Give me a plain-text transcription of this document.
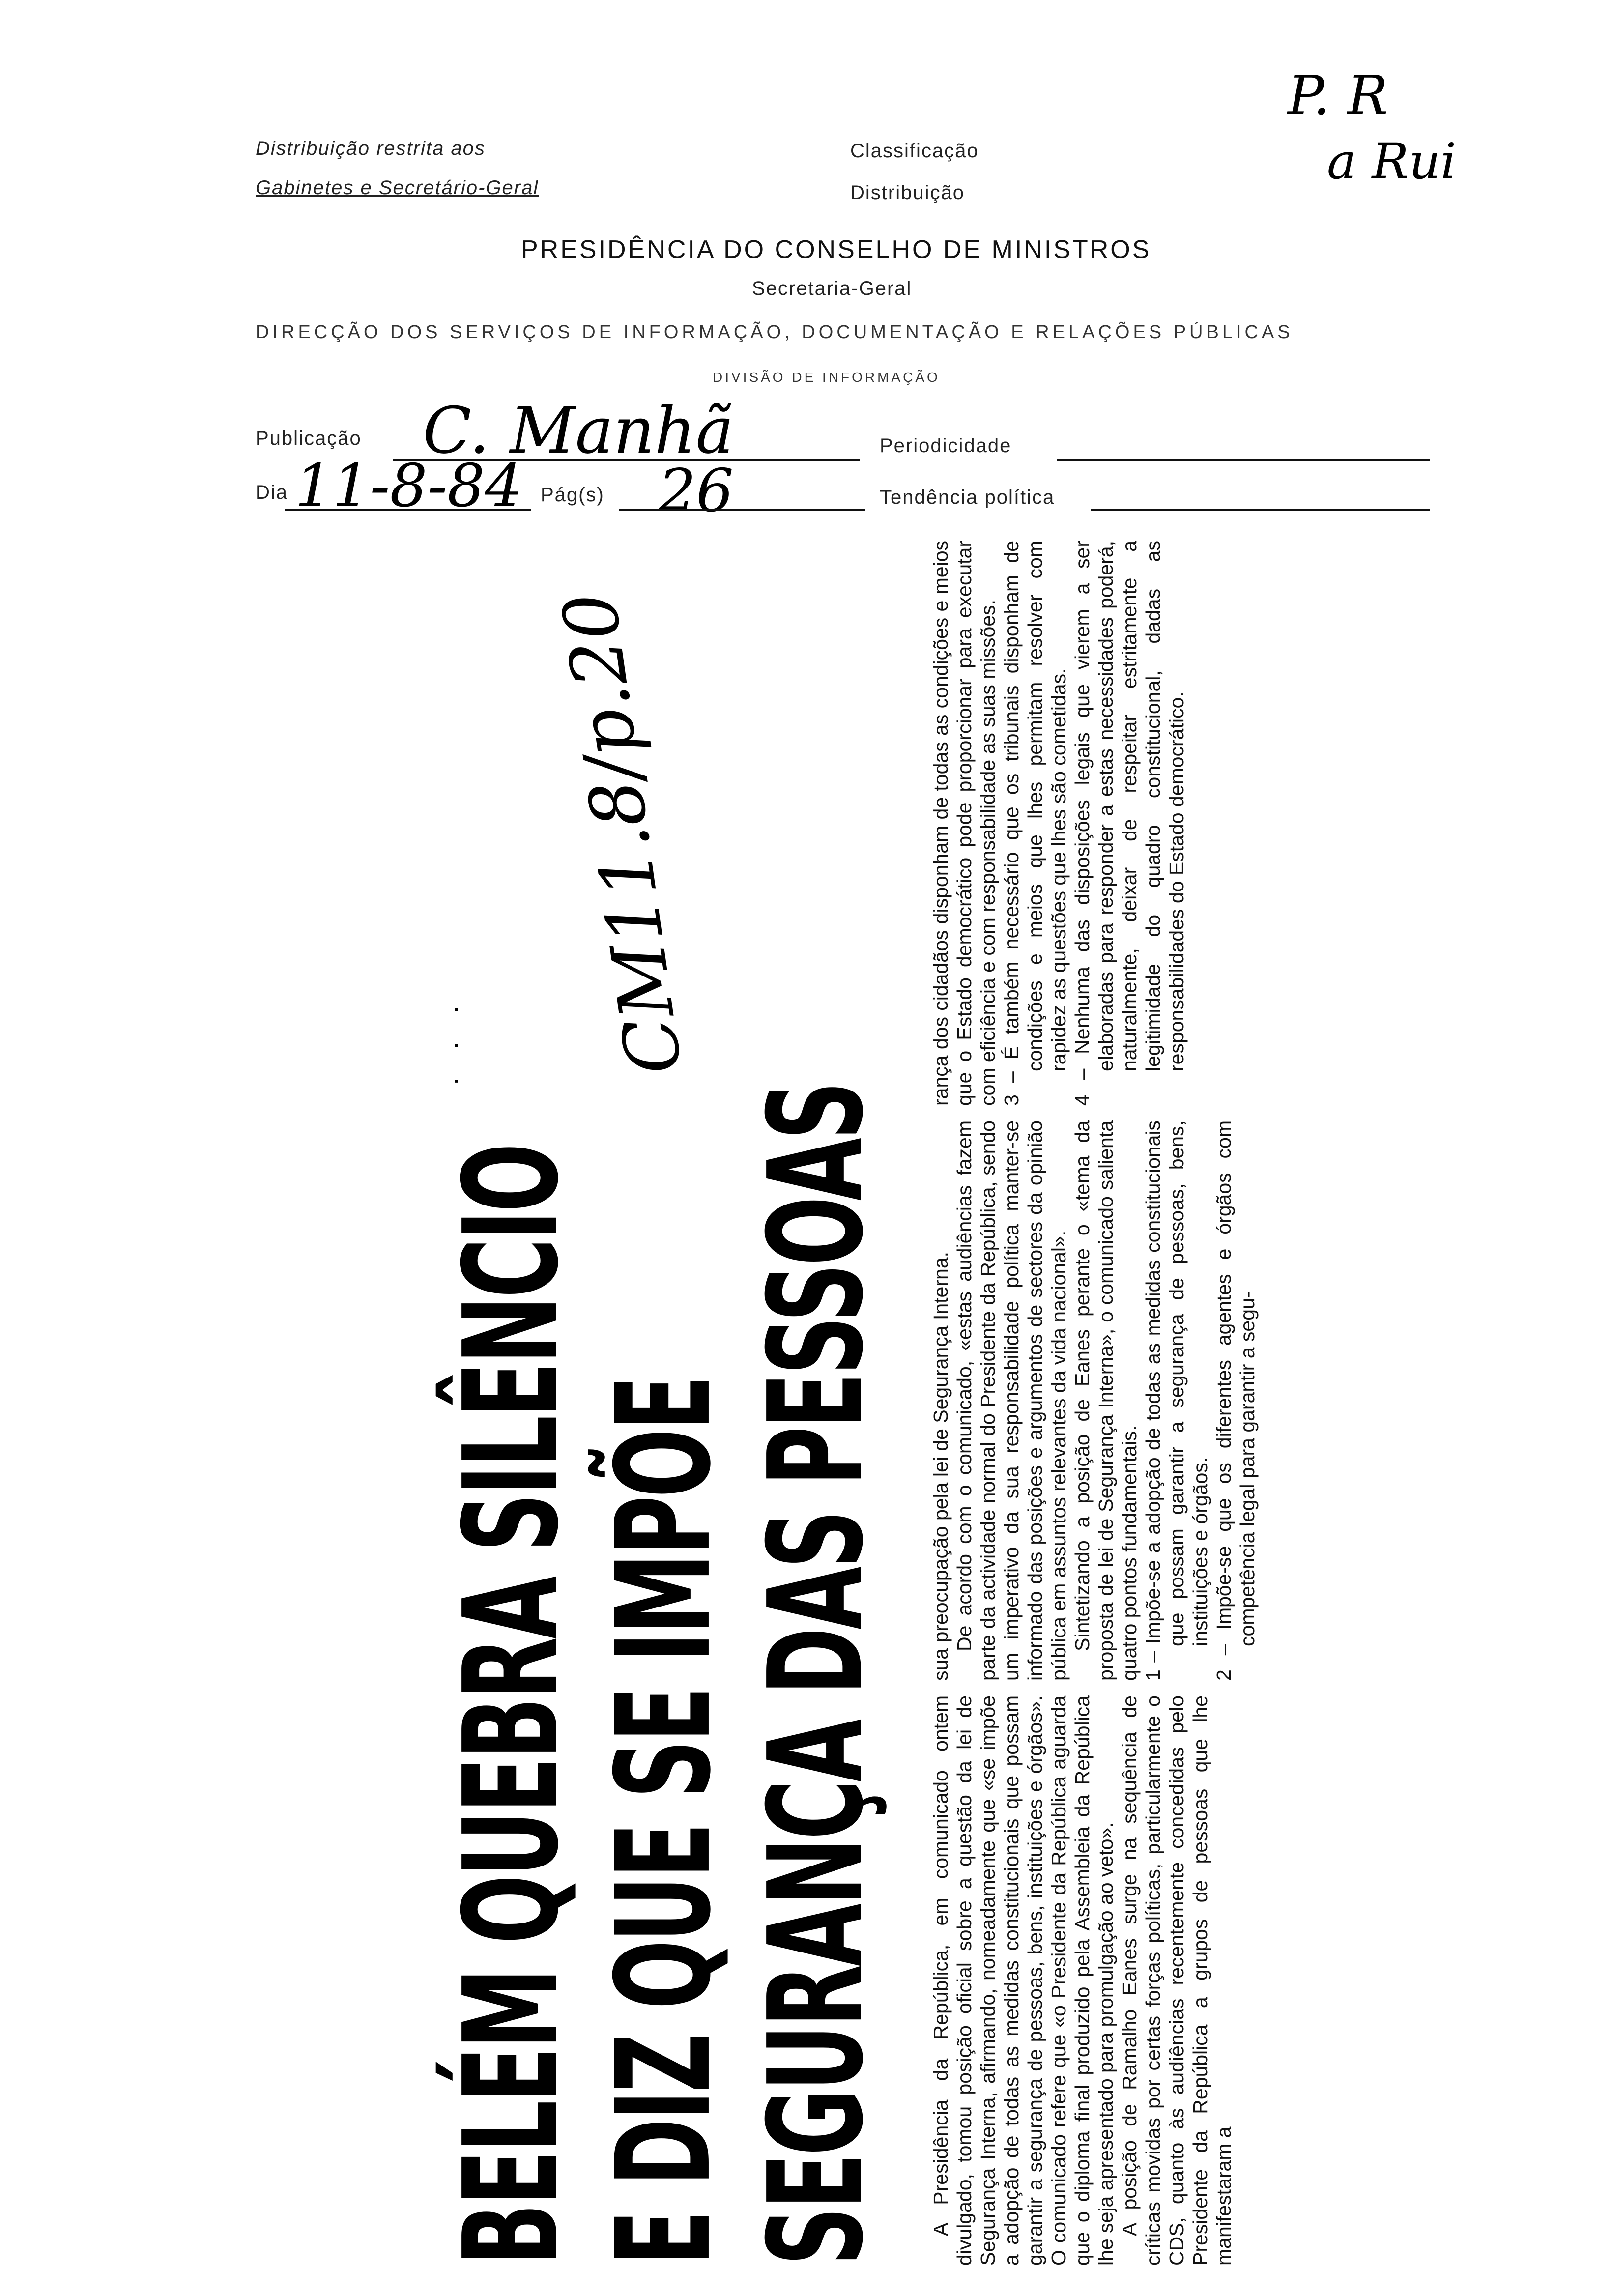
Distribuição restrita aos
Gabinetes e Secretário-Geral
Classificação
Distribuição
P. R
a Rui
PRESIDÊNCIA DO CONSELHO DE MINISTROS
Secretaria-Geral
DIRECÇÃO DOS SERVIÇOS DE INFORMAÇÃO, DOCUMENTAÇÃO E RELAÇÕES PÚBLICAS
DIVISÃO DE INFORMAÇÃO
Publicação C. Manhã	Periodicidade
Dia 11-8-84 Pág(s) 26	Tendência política
BELÉM QUEBRA SILÊNCIO E DIZ QUE SE IMPÕE SEGURANÇA DAS PESSOAS
· · · CM11.8/p.20

A Presidência da República, em comunicado ontem divulgado, tomou posição oficial sobre a questão da lei de Segurança Interna, afirmando, nomeadamente que «se impõe a adopção de todas as medidas constitucionais que possam garantir a segurança de pessoas, bens, instituições e órgãos». O comunicado refere que «o Presidente da República aguarda que o diploma final produzido pela Assembleia da República lhe seja apresentado para promulgação ao veto». A posição de Ramalho Eanes surge na sequência de críticas movidas por certas forças políticas, particularmente o CDS, quanto às audiências recentemente concedidas pelo Presidente da República a grupos de pessoas que lhe manifestaram a

sua preocupação pela lei de Segurança Interna. De acordo com o comunicado, «estas audiências fazem parte da actividade normal do Presidente da República, sendo um imperativo da sua responsabilidade política manter-se informado das posições e argumentos de sectores da opinião pública em assuntos relevantes da vida nacional». Sintetizando a posição de Eanes perante o «tema da proposta de lei de Segurança Interna», o comunicado salienta quatro pontos fundamentais. 1 – Impõe-se a adopção de todas as medidas constitucionais que possam garantir a segurança de pessoas, bens, instituições e órgãos. 2 – Impõe-se que os diferentes agentes e órgãos com competência legal para garantir a segu-

rança dos cidadãos disponham de todas as condições e meios que o Estado democrático pode proporcionar para executar com eficiência e com responsabilidade as suas missões. 3 – É também necessário que os tribunais disponham de condições e meios que lhes permitam resolver com rapidez as questões que lhes são cometidas. 4 – Nenhuma das disposições legais que vierem a ser elaboradas para responder a estas necessidades poderá, naturalmente, deixar de respeitar estritamente a legitimidade do quadro constitucional, dadas as responsabilidades do Estado democrático.
